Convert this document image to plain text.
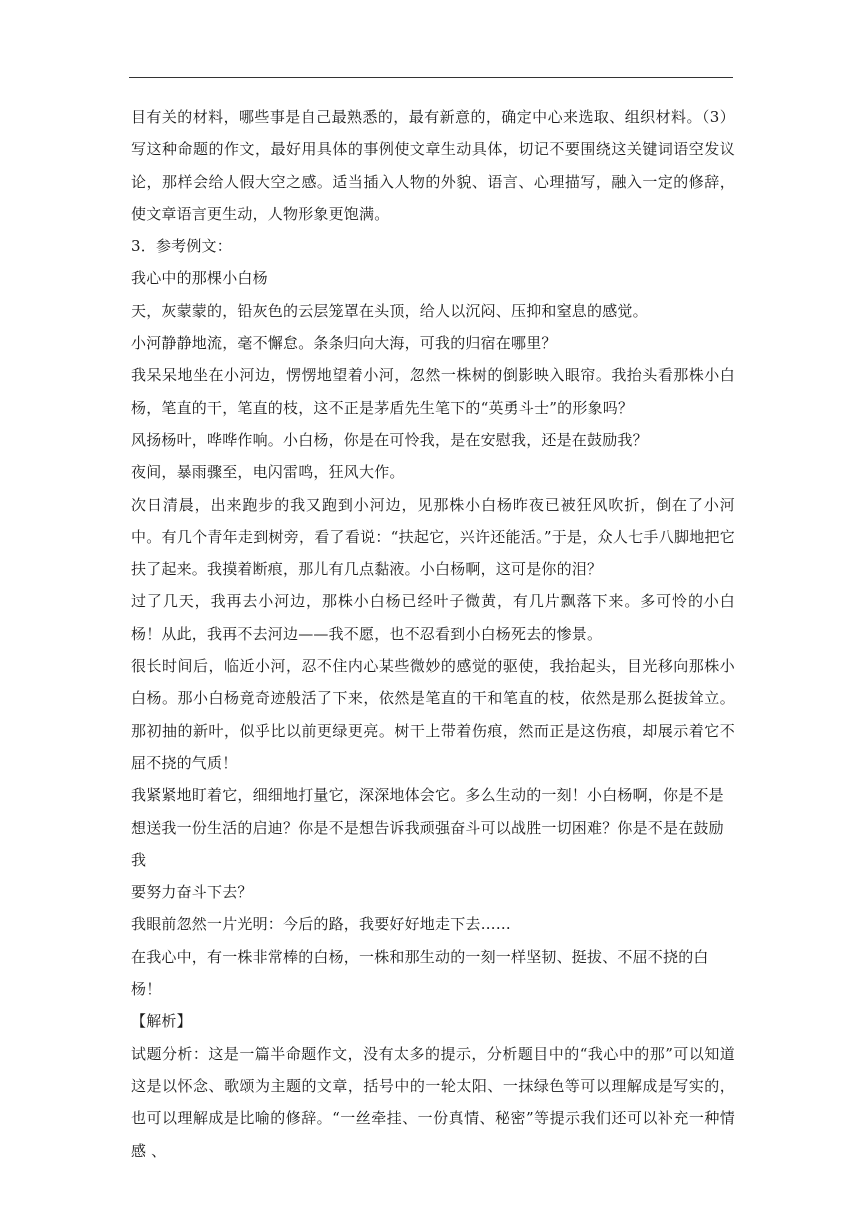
目有关的材料，哪些事是自己最熟悉的，最有新意的，确定中心来选取、组织材料。（3）写这种命题的作文，最好用具体的事例使文章生动具体，切记不要围绕这关键词语空发议论，那样会给人假大空之感。适当插入人物的外貌、语言、心理描写，融入一定的修辞，使文章语言更生动，人物形象更饱满。

3．参考例文：

我心中的那棵小白杨

天，灰蒙蒙的，铅灰色的云层笼罩在头顶，给人以沉闷、压抑和窒息的感觉。

小河静静地流，毫不懈怠。条条归向大海，可我的归宿在哪里？

我呆呆地坐在小河边，愣愣地望着小河，忽然一株树的倒影映入眼帘。我抬头看那株小白杨，笔直的干，笔直的枝，这不正是茅盾先生笔下的“英勇斗士”的形象吗？

风扬杨叶，哗哗作响。小白杨，你是在可怜我，是在安慰我，还是在鼓励我？

夜间，暴雨骤至，电闪雷鸣，狂风大作。

次日清晨，出来跑步的我又跑到小河边，见那株小白杨昨夜已被狂风吹折，倒在了小河中。有几个青年走到树旁，看了看说：“扶起它，兴许还能活。”于是，众人七手八脚地把它扶了起来。我摸着断痕，那儿有几点黏液。小白杨啊，这可是你的泪？

过了几天，我再去小河边，那株小白杨已经叶子微黄，有几片飘落下来。多可怜的小白杨！从此，我再不去河边——我不愿，也不忍看到小白杨死去的惨景。

很长时间后，临近小河，忍不住内心某些微妙的感觉的驱使，我抬起头，目光移向那株小白杨。那小白杨竟奇迹般活了下来，依然是笔直的干和笔直的枝，依然是那么挺拔耸立。那初抽的新叶，似乎比以前更绿更亮。树干上带着伤痕，然而正是这伤痕，却展示着它不屈不挠的气质！

我紧紧地盯着它，细细地打量它，深深地体会它。多么生动的一刻！小白杨啊，你是不是想送我一份生活的启迪？你是不是想告诉我顽强奋斗可以战胜一切困难？你是不是在鼓励我
要努力奋斗下去？

我眼前忽然一片光明：今后的路，我要好好地走下去……

在我心中，有一株非常棒的白杨，一株和那生动的一刻一样坚韧、挺拔、不屈不挠的白杨！

【解析】

试题分析：这是一篇半命题作文，没有太多的提示，分析题目中的“我心中的那”可以知道这是以怀念、歌颂为主题的文章，括号中的一轮太阳、一抹绿色等可以理解成是写实的，也可以理解成是比喻的修辞。“一丝牵挂、一份真情、秘密”等提示我们还可以补充一种情感 、
